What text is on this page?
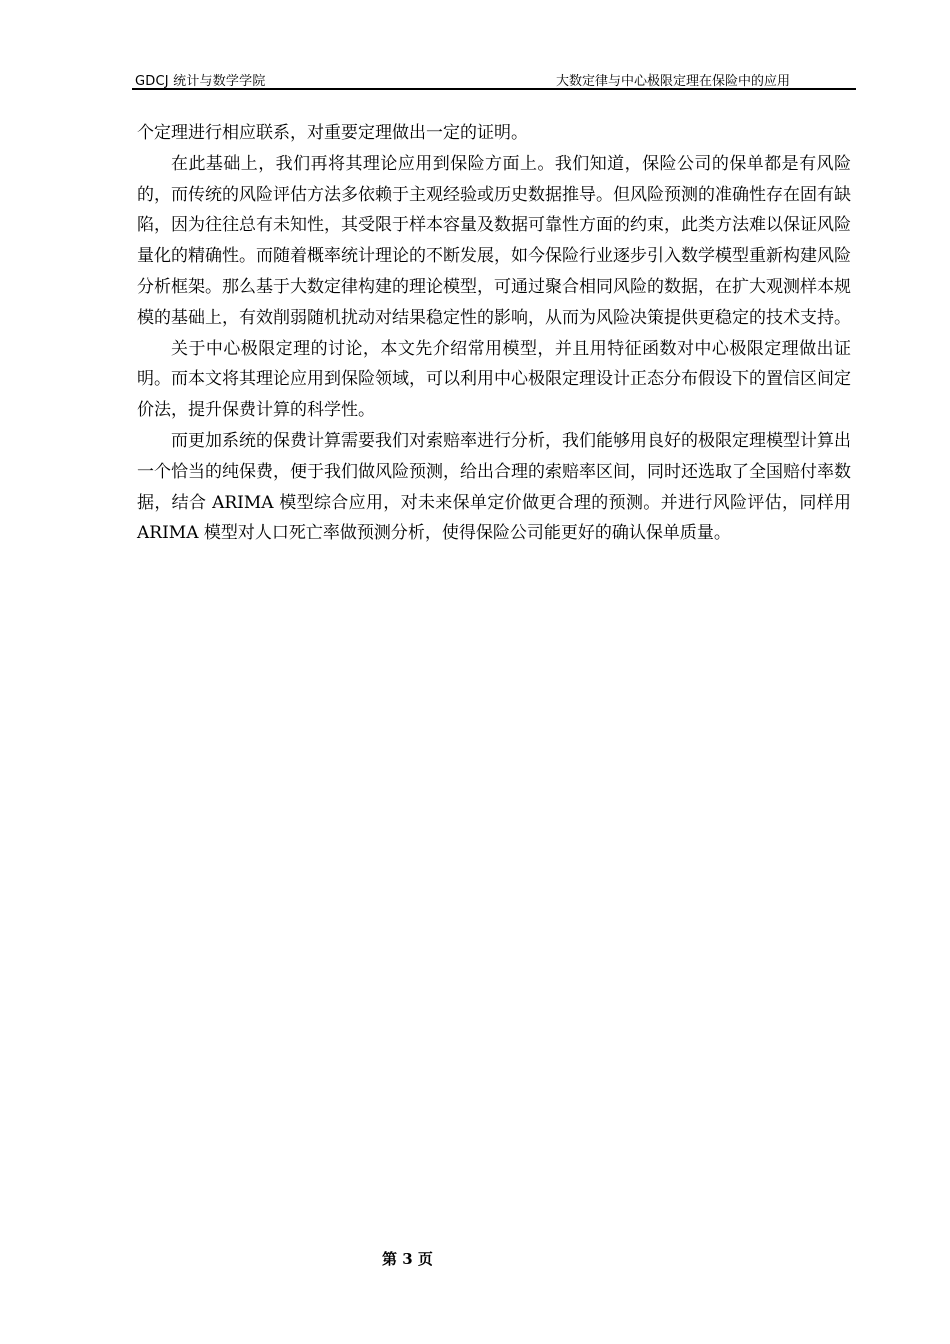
GDCJ 统计与数学学院	大数定律与中心极限定理在保险中的应用

个定理进行相应联系，对重要定理做出一定的证明。

在此基础上，我们再将其理论应用到保险方面上。我们知道，保险公司的保单都是有风险的，而传统的风险评估方法多依赖于主观经验或历史数据推导。但风险预测的准确性存在固有缺陷，因为往往总有未知性，其受限于样本容量及数据可靠性方面的约束，此类方法难以保证风险量化的精确性。而随着概率统计理论的不断发展，如今保险行业逐步引入数学模型重新构建风险分析框架。那么基于大数定律构建的理论模型，可通过聚合相同风险的数据，在扩大观测样本规模的基础上，有效削弱随机扰动对结果稳定性的影响，从而为风险决策提供更稳定的技术支持。

关于中心极限定理的讨论，本文先介绍常用模型，并且用特征函数对中心极限定理做出证明。而本文将其理论应用到保险领域，可以利用中心极限定理设计正态分布假设下的置信区间定价法，提升保费计算的科学性。

而更加系统的保费计算需要我们对索赔率进行分析，我们能够用良好的极限定理模型计算出一个恰当的纯保费，便于我们做风险预测，给出合理的索赔率区间，同时还选取了全国赔付率数据，结合 ARIMA 模型综合应用，对未来保单定价做更合理的预测。并进行风险评估，同样用 ARIMA 模型对人口死亡率做预测分析，使得保险公司能更好的确认保单质量。

第 3 页
